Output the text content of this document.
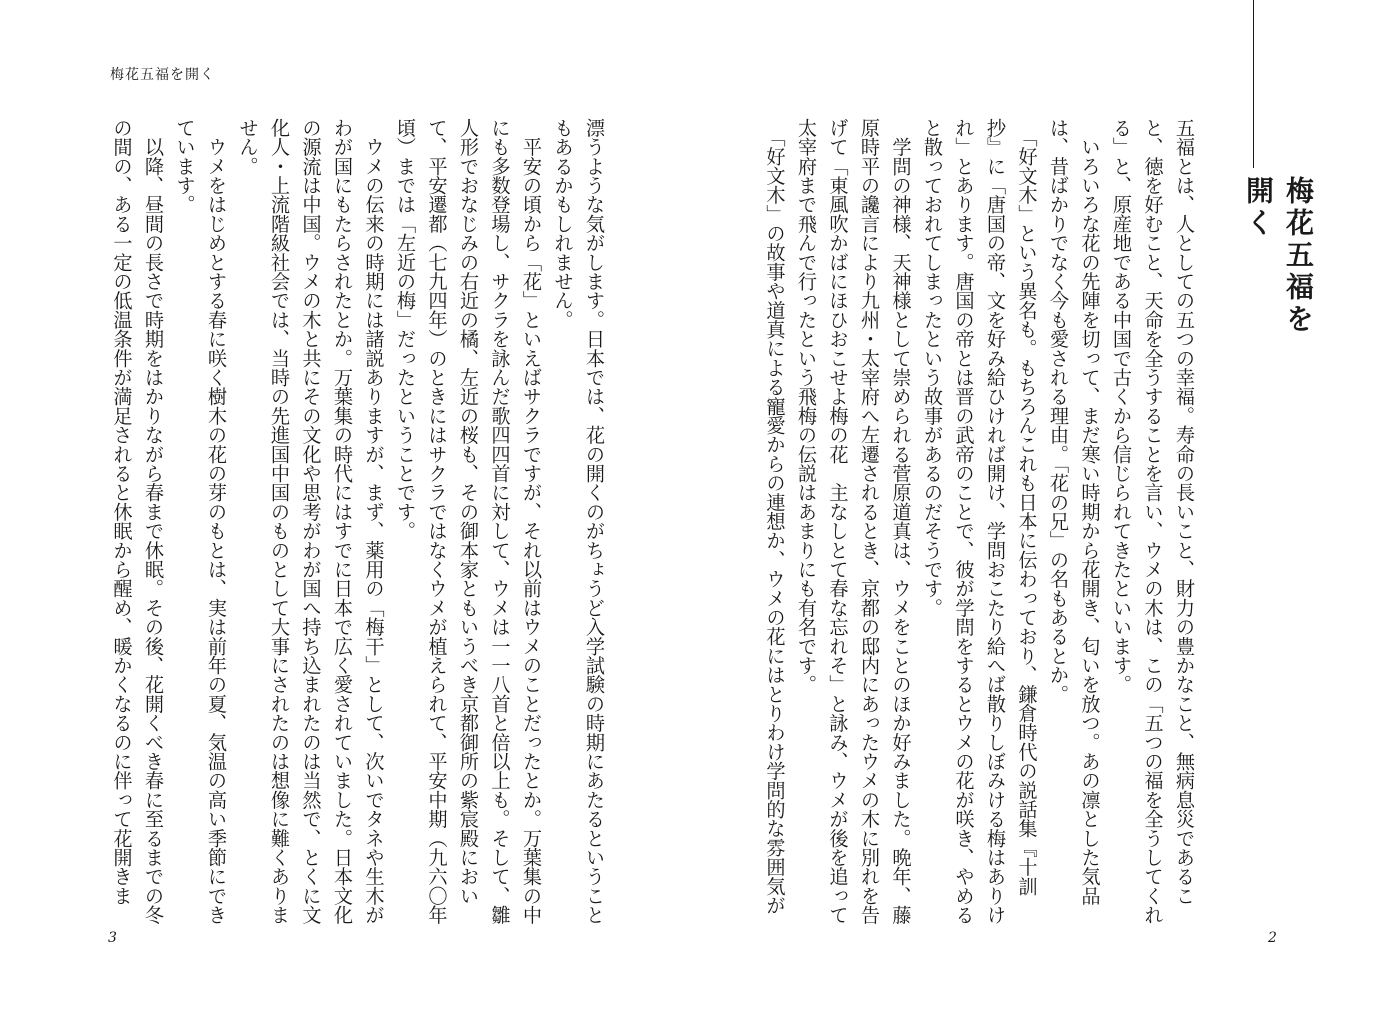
梅花五福を開く
梅花五福を開く
五福とは、人としての五つの幸福。寿命の長いこと、財力の豊かなこと、無病息災であるこ
と、徳を好むこと、天命を全うすることを言い、ウメの木は、この「五つの福を全うしてくれ
る」と、原産地である中国で古くから信じられてきたといいます。
　いろいろな花の先陣を切って、まだ寒い時期から花開き、匂いを放つ。あの凛とした気品
は、昔ばかりでなく今も愛される理由。「花の兄」の名もあるとか。
　「好文木」という異名も。もちろんこれも日本に伝わっており、鎌倉時代の説話集『十訓
抄』に「唐国の帝、文を好み給ひければ開け、学問おこたり給へば散りしぼみける梅はありけ
れ」とあります。唐国の帝とは晋の武帝のことで、彼が学問をするとウメの花が咲き、やめる
と散っておれてしまったという故事があるのだそうです。
　学問の神様、天神様として崇められる菅原道真は、ウメをことのほか好みました。晩年、藤
原時平の讒言により九州・太宰府へ左遷されるとき、京都の邸内にあったウメの木に別れを告
げて「東風吹かばにほひおこせよ梅の花　主なしとて春な忘れそ」と詠み、ウメが後を追って
太宰府まで飛んで行ったという飛梅の伝説はあまりにも有名です。
　「好文木」の故事や道真による寵愛からの連想か、ウメの花にはとりわけ学問的な雰囲気が
漂うような気がします。日本では、花の開くのがちょうど入学試験の時期にあたるということ
もあるかもしれません。
　平安の頃から「花」といえばサクラですが、それ以前はウメのことだったとか。万葉集の中
にも多数登場し、サクラを詠んだ歌四四首に対して、ウメは一一八首と倍以上も。そして、雛
人形でおなじみの右近の橘、左近の桜も、その御本家ともいうべき京都御所の紫宸殿におい
て、平安遷都（七九四年）のときにはサクラではなくウメが植えられて、平安中期（九六〇年
頃）までは「左近の梅」だったということです。
　ウメの伝来の時期には諸説ありますが、まず、薬用の「梅干」として、次いでタネや生木が
わが国にもたらされたとか。万葉集の時代にはすでに日本で広く愛されていました。日本文化
の源流は中国。ウメの木と共にその文化や思考がわが国へ持ち込まれたのは当然で、とくに文
化人・上流階級社会では、当時の先進国中国のものとして大事にされたのは想像に難くありま
せん。
　ウメをはじめとする春に咲く樹木の花の芽のもとは、実は前年の夏、気温の高い季節にでき
ています。
　以降、昼間の長さで時期をはかりながら春まで休眠。その後、花開くべき春に至るまでの冬
の間の、ある一定の低温条件が満足されると休眠から醒め、暖かくなるのに伴って花開きま
3	2
